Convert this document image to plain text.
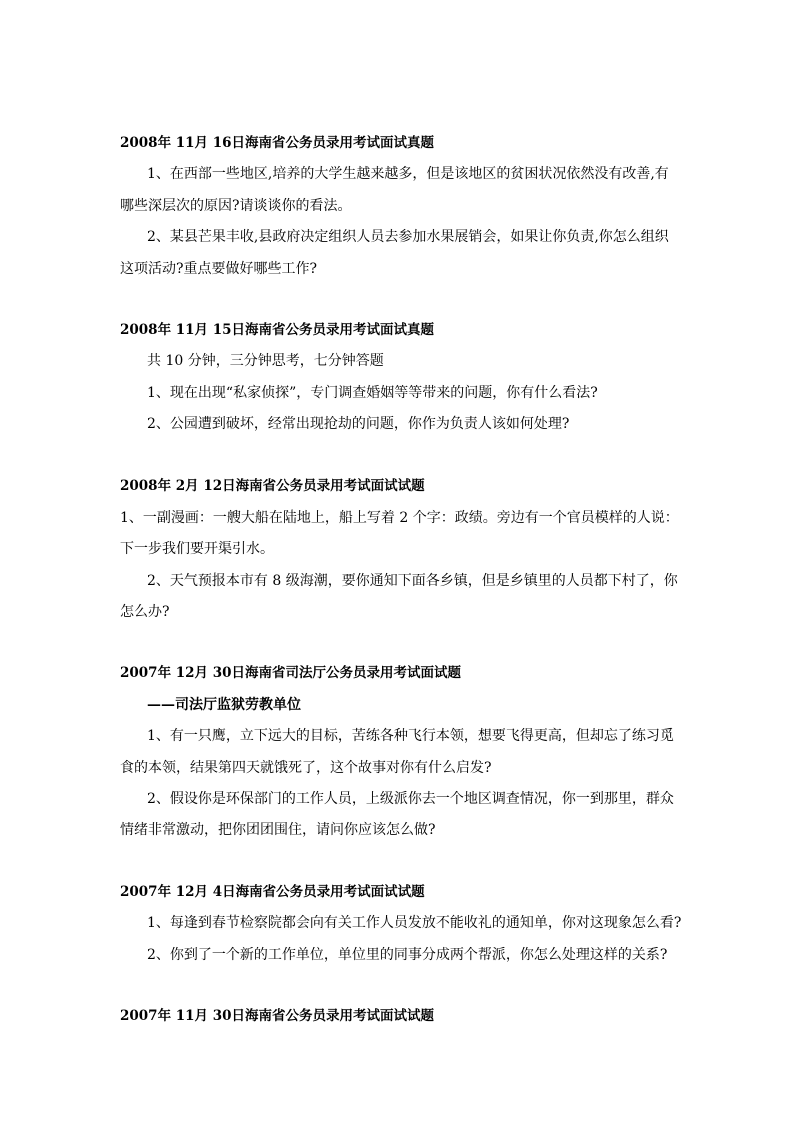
2008年 11月 16日海南省公务员录用考试面试真题
1、在西部一些地区,培养的大学生越来越多，但是该地区的贫困状况依然没有改善,有
哪些深层次的原因?请谈谈你的看法。
2、某县芒果丰收,县政府决定组织人员去参加水果展销会，如果让你负责,你怎么组织
这项活动?重点要做好哪些工作?
2008年 11月 15日海南省公务员录用考试面试真题
共 10 分钟，三分钟思考，七分钟答题
1、现在出现“私家侦探”，专门调查婚姻等等带来的问题，你有什么看法?
2、公园遭到破坏，经常出现抢劫的问题，你作为负责人该如何处理?
2008年 2月 12日海南省公务员录用考试面试试题
1、一副漫画：一艘大船在陆地上，船上写着 2 个字：政绩。旁边有一个官员模样的人说：
下一步我们要开渠引水。
2、天气预报本市有 8 级海潮，要你通知下面各乡镇，但是乡镇里的人员都下村了，你
怎么办?
2007年 12月 30日海南省司法厅公务员录用考试面试题
——司法厅监狱劳教单位
1、有一只鹰，立下远大的目标，苦练各种飞行本领，想要飞得更高，但却忘了练习觅
食的本领，结果第四天就饿死了，这个故事对你有什么启发?
2、假设你是环保部门的工作人员，上级派你去一个地区调查情况，你一到那里，群众
情绪非常激动，把你团团围住，请问你应该怎么做?
2007年 12月 4日海南省公务员录用考试面试试题
1、每逢到春节检察院都会向有关工作人员发放不能收礼的通知单，你对这现象怎么看?
2、你到了一个新的工作单位，单位里的同事分成两个帮派，你怎么处理这样的关系?
2007年 11月 30日海南省公务员录用考试面试试题
